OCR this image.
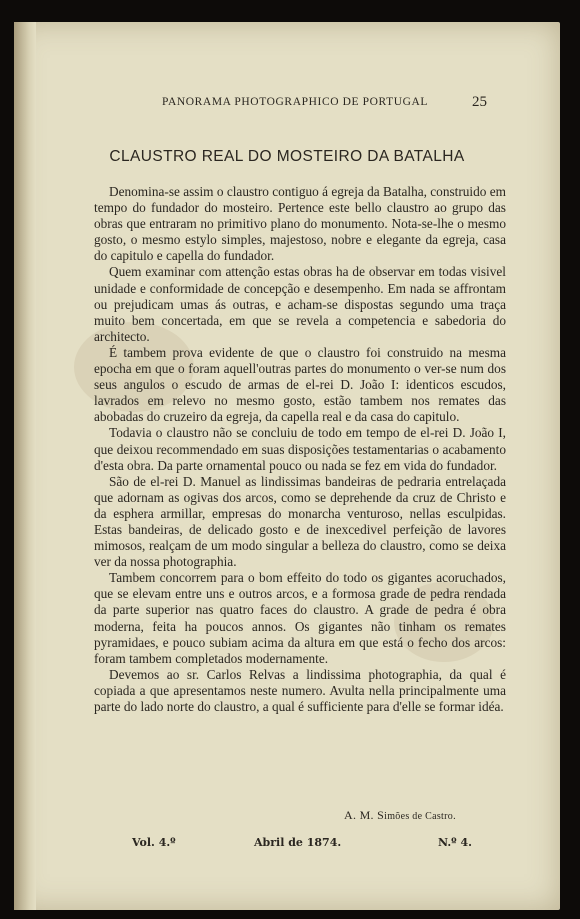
PANORAMA PHOTOGRAPHICO DE PORTUGAL	25
CLAUSTRO REAL DO MOSTEIRO DA BATALHA

Denomina-se assim o claustro contiguo á egreja da Batalha, construido em tempo do fundador do mosteiro. Pertence este bello claustro ao grupo das obras que entraram no primitivo plano do monumento. Nota-se-lhe o mesmo gosto, o mesmo estylo simples, majestoso, nobre e elegante da egreja, casa do capitulo e capella do fundador.

Quem examinar com attenção estas obras ha de observar em todas visivel unidade e conformidade de concepção e desempenho. Em nada se affrontam ou prejudicam umas ás outras, e acham-se dispostas segundo uma traça muito bem concertada, em que se revela a competencia e sabedoria do architecto.

É tambem prova evidente de que o claustro foi construido na mesma epocha em que o foram aquell'outras partes do monumento o ver-se num dos seus angulos o escudo de armas de el-rei D. João I: identicos escudos, lavrados em relevo no mesmo gosto, estão tambem nos remates das abobadas do cruzeiro da egreja, da capella real e da casa do capitulo.

Todavia o claustro não se concluiu de todo em tempo de el-rei D. João I, que deixou recommendado em suas disposições testamentarias o acabamento d'esta obra. Da parte ornamental pouco ou nada se fez em vida do fundador.

São de el-rei D. Manuel as lindissimas bandeiras de pedraria entrelaçada que adornam as ogivas dos arcos, como se deprehende da cruz de Christo e da esphera armillar, empresas do monarcha venturoso, nellas esculpidas. Estas bandeiras, de delicado gosto e de inexcedivel perfeição de lavores mimosos, realçam de um modo singular a belleza do claustro, como se deixa ver da nossa photographia.

Tambem concorrem para o bom effeito do todo os gigantes acoruchados, que se elevam entre uns e outros arcos, e a formosa grade de pedra rendada da parte superior nas quatro faces do claustro. A grade de pedra é obra moderna, feita ha poucos annos. Os gigantes não tinham os remates pyramidaes, e pouco subiam acima da altura em que está o fecho dos arcos: foram tambem completados modernamente.

Devemos ao sr. Carlos Relvas a lindissima photographia, da qual é copiada a que apresentamos neste numero. Avulta nella principalmente uma parte do lado norte do claustro, a qual é sufficiente para d'elle se formar idéa.

A. M. Simões de Castro.
Vol. 4.º	Abril de 1874.	N.º 4.
